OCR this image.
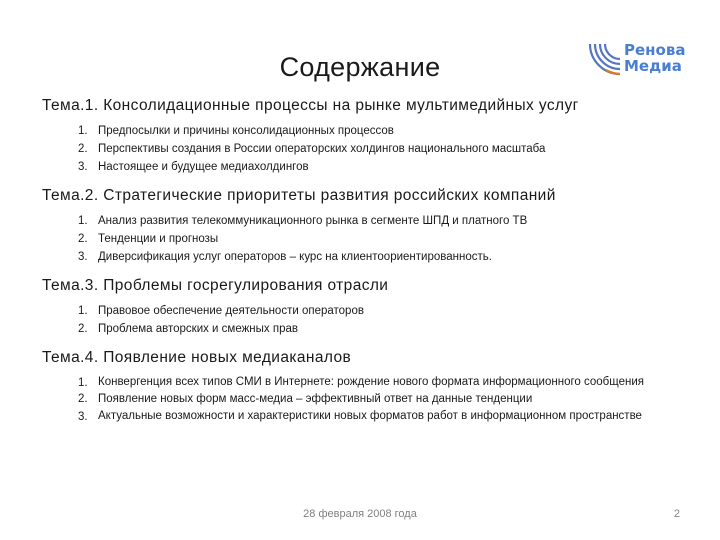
Содержание
Ренова
Медиа

Тема.1. Консолидационные процессы на рынке мультимедийных услуг

1. Предпосылки и причины консолидационных процессов
2. Перспективы создания в России операторских холдингов национального масштаба
3. Настоящее и будущее медиахолдингов

Тема.2. Стратегические приоритеты развития российских компаний

1. Анализ развития телекоммуникационного рынка в сегменте ШПД и платного ТВ
2. Тенденции и прогнозы
3. Диверсификация услуг операторов – курс на клиентоориентированность.

Тема.3. Проблемы госрегулирования отрасли

1. Правовое обеспечение деятельности операторов
2. Проблема авторских и смежных прав

Тема.4. Появление новых медиаканалов

1. Конвергенция всех типов СМИ в Интернете: рождение нового формата информационного сообщения
2. Появление новых форм масс-медиа – эффективный ответ на данные тенденции
3. Актуальные возможности и характеристики новых форматов работ в информационном пространстве
28 февраля 2008 года	2
